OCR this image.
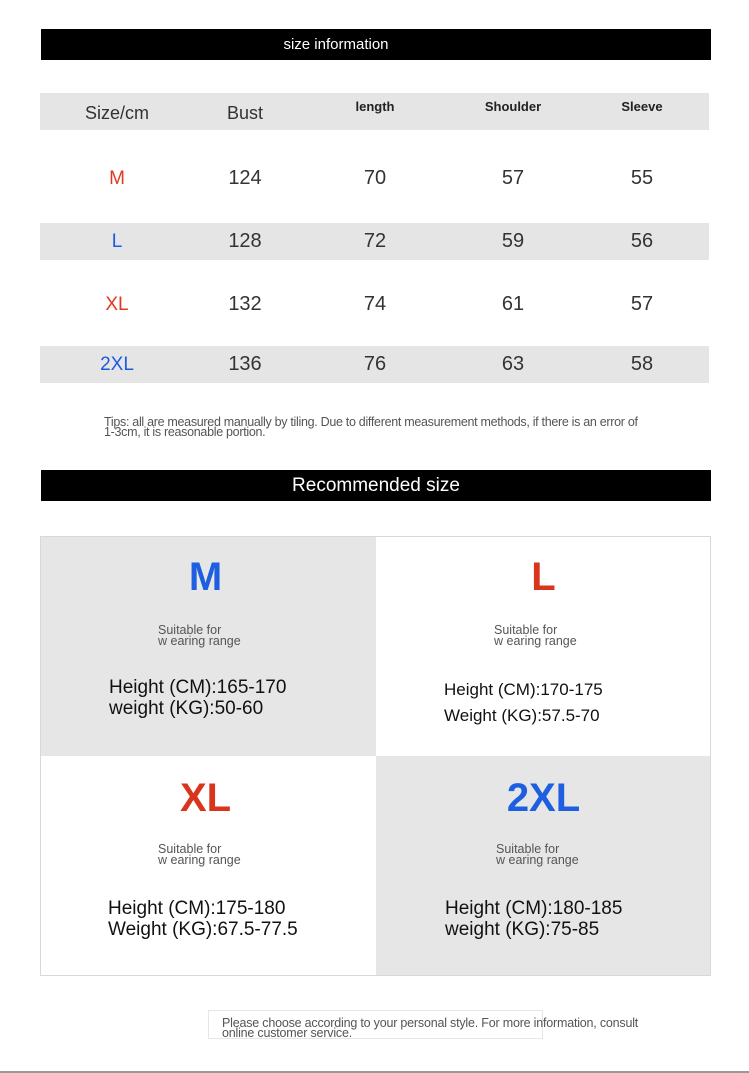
size information
Size/cm	Bust	length	Shoulder	Sleeve
M	124	70	57	55
L	128	72	59	56
XL	132	74	61	57
2XL	136	76	63	58
Tips: all are measured manually by tiling. Due to different measurement methods, if there is an error of
1-3cm, it is reasonable portion.
Recommended size
M
Suitable for
w earing range
Height (CM):165-170
weight (KG):50-60
L
Suitable for
w earing range
Height (CM):170-175
Weight (KG):57.5-70
XL
Suitable for
w earing range
Height (CM):175-180
Weight (KG):67.5-77.5
2XL
Suitable for
w earing range
Height (CM):180-185
weight (KG):75-85
Please choose according to your personal style. For more information, consult
online customer service.
